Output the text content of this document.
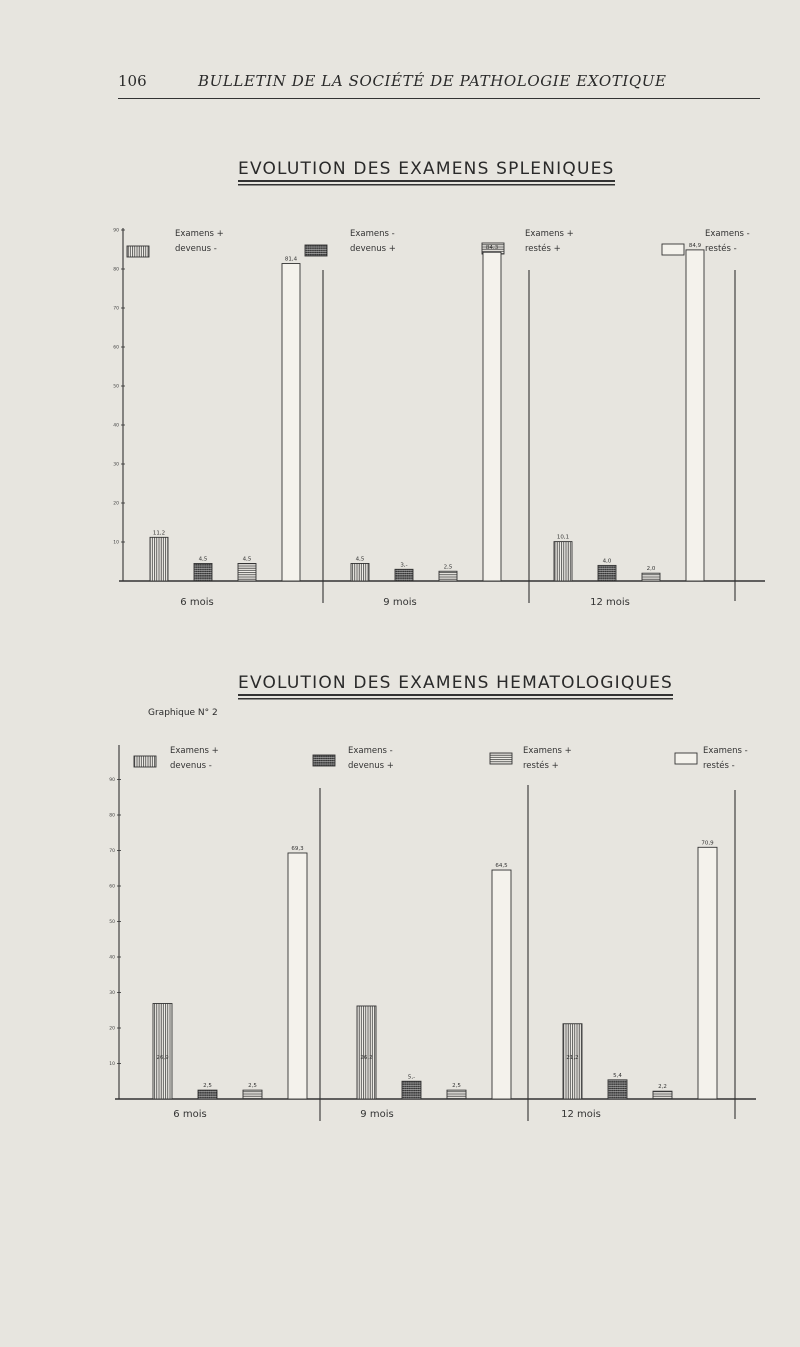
106	BULLETIN DE LA SOCIÉTÉ DE PATHOLOGIE EXOTIQUE
EVOLUTION DES EXAMENS SPLENIQUES
EVOLUTION DES EXAMENS HEMATOLOGIQUES
Graphique N° 2
10
20
30
40
50
60
70
80
90	Examens +
devenus -
Examens -
devenus +
Examens +
restés +
Examens -
restés -
11,2
4,5
10,1
4,5
3,-
4,0
4,5
2,5	2,0
81,4
84,3	84,9
6 mois	9 mois	12 mois
10
20
30
40
50
60
70
80
90
Examens +
devenus -
Examens -
devenus +
Examens +
restés +
Examens -
restés -
26,9	26,2	21,2
2,5
5,-	5,4
2,5	2,5	2,2
69,3
64,5
70,9
6 mois	9 mois	12 mois
